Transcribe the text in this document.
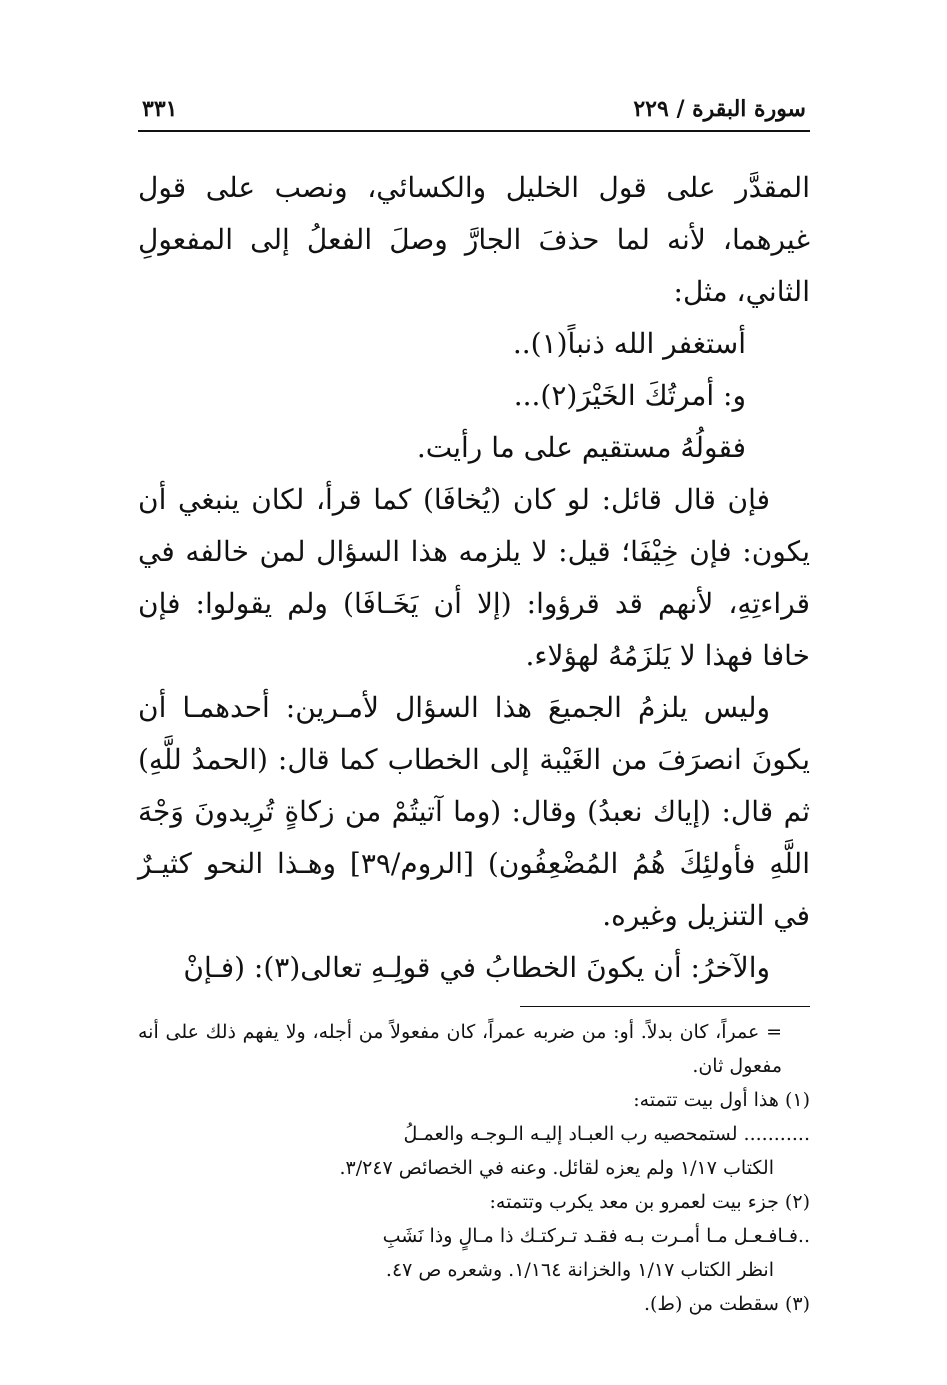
سورة البقرة / ٢٢٩
٣٣١

المقدَّر على قول الخليل والكسائي، ونصب على قول غيرهما، لأنه لما حذفَ الجارَّ وصلَ الفعلُ إلى المفعولِ الثاني، مثل:

أستغفر الله ذنباً(١)..

و: أمرتُكَ الخَيْرَ(٢)...

فقولُهُ مستقيم على ما رأيت.

فإن قال قائل: لو كان (يُخافَا) كما قرأ، لكان ينبغي أن يكون: فإن خِيْفَا؛ قيل: لا يلزمه هذا السؤال لمن خالفه في قراءتِهِ، لأنهم قد قرؤوا: (إلا أن يَخَـافَا) ولم يقولوا: فإن خافا فهذا لا يَلزَمُهُ لهؤلاء.

وليس يلزمُ الجميعَ هذا السؤال لأمـرين: أحدهمـا أن يكونَ انصرَفَ من الغَيْبة إلى الخطاب كما قال: (الحمدُ للَّهِ) ثم قال: (إياك نعبدُ) وقال: (وما آتيتُمْ من زكاةٍ تُرِيدونَ وَجْهَ اللَّهِ فأولئِكَ هُمُ المُضْعِفُون) [الروم/٣٩] وهـذا النحو كثيـرٌ في التنزيل وغيره.

والآخرُ: أن يكونَ الخطابُ في قولِـهِ تعالى(٣): (فـإنْ

= عمراً، كان بدلاً. أو: من ضربه عمراً، كان مفعولاً من أجله، ولا يفهم ذلك على أنه مفعول ثان.

(١) هذا أول بيت تتمته:

........... لستمحصيه رب العبـاد إليـه الـوجـه والعمـلُ

الكتاب ١/١٧ ولم يعزه لقائل. وعنه في الخصائص ٣/٢٤٧.

(٢) جزء بيت لعمرو بن معد يكرب وتتمته:

..فـافـعـل مـا أمـرت بـه فقـد تـركتـك ذا مـالٍ وذا نَشَبِ

انظر الكتاب ١/١٧ والخزانة ١/١٦٤. وشعره ص ٤٧.

(٣) سقطت من (ط).
